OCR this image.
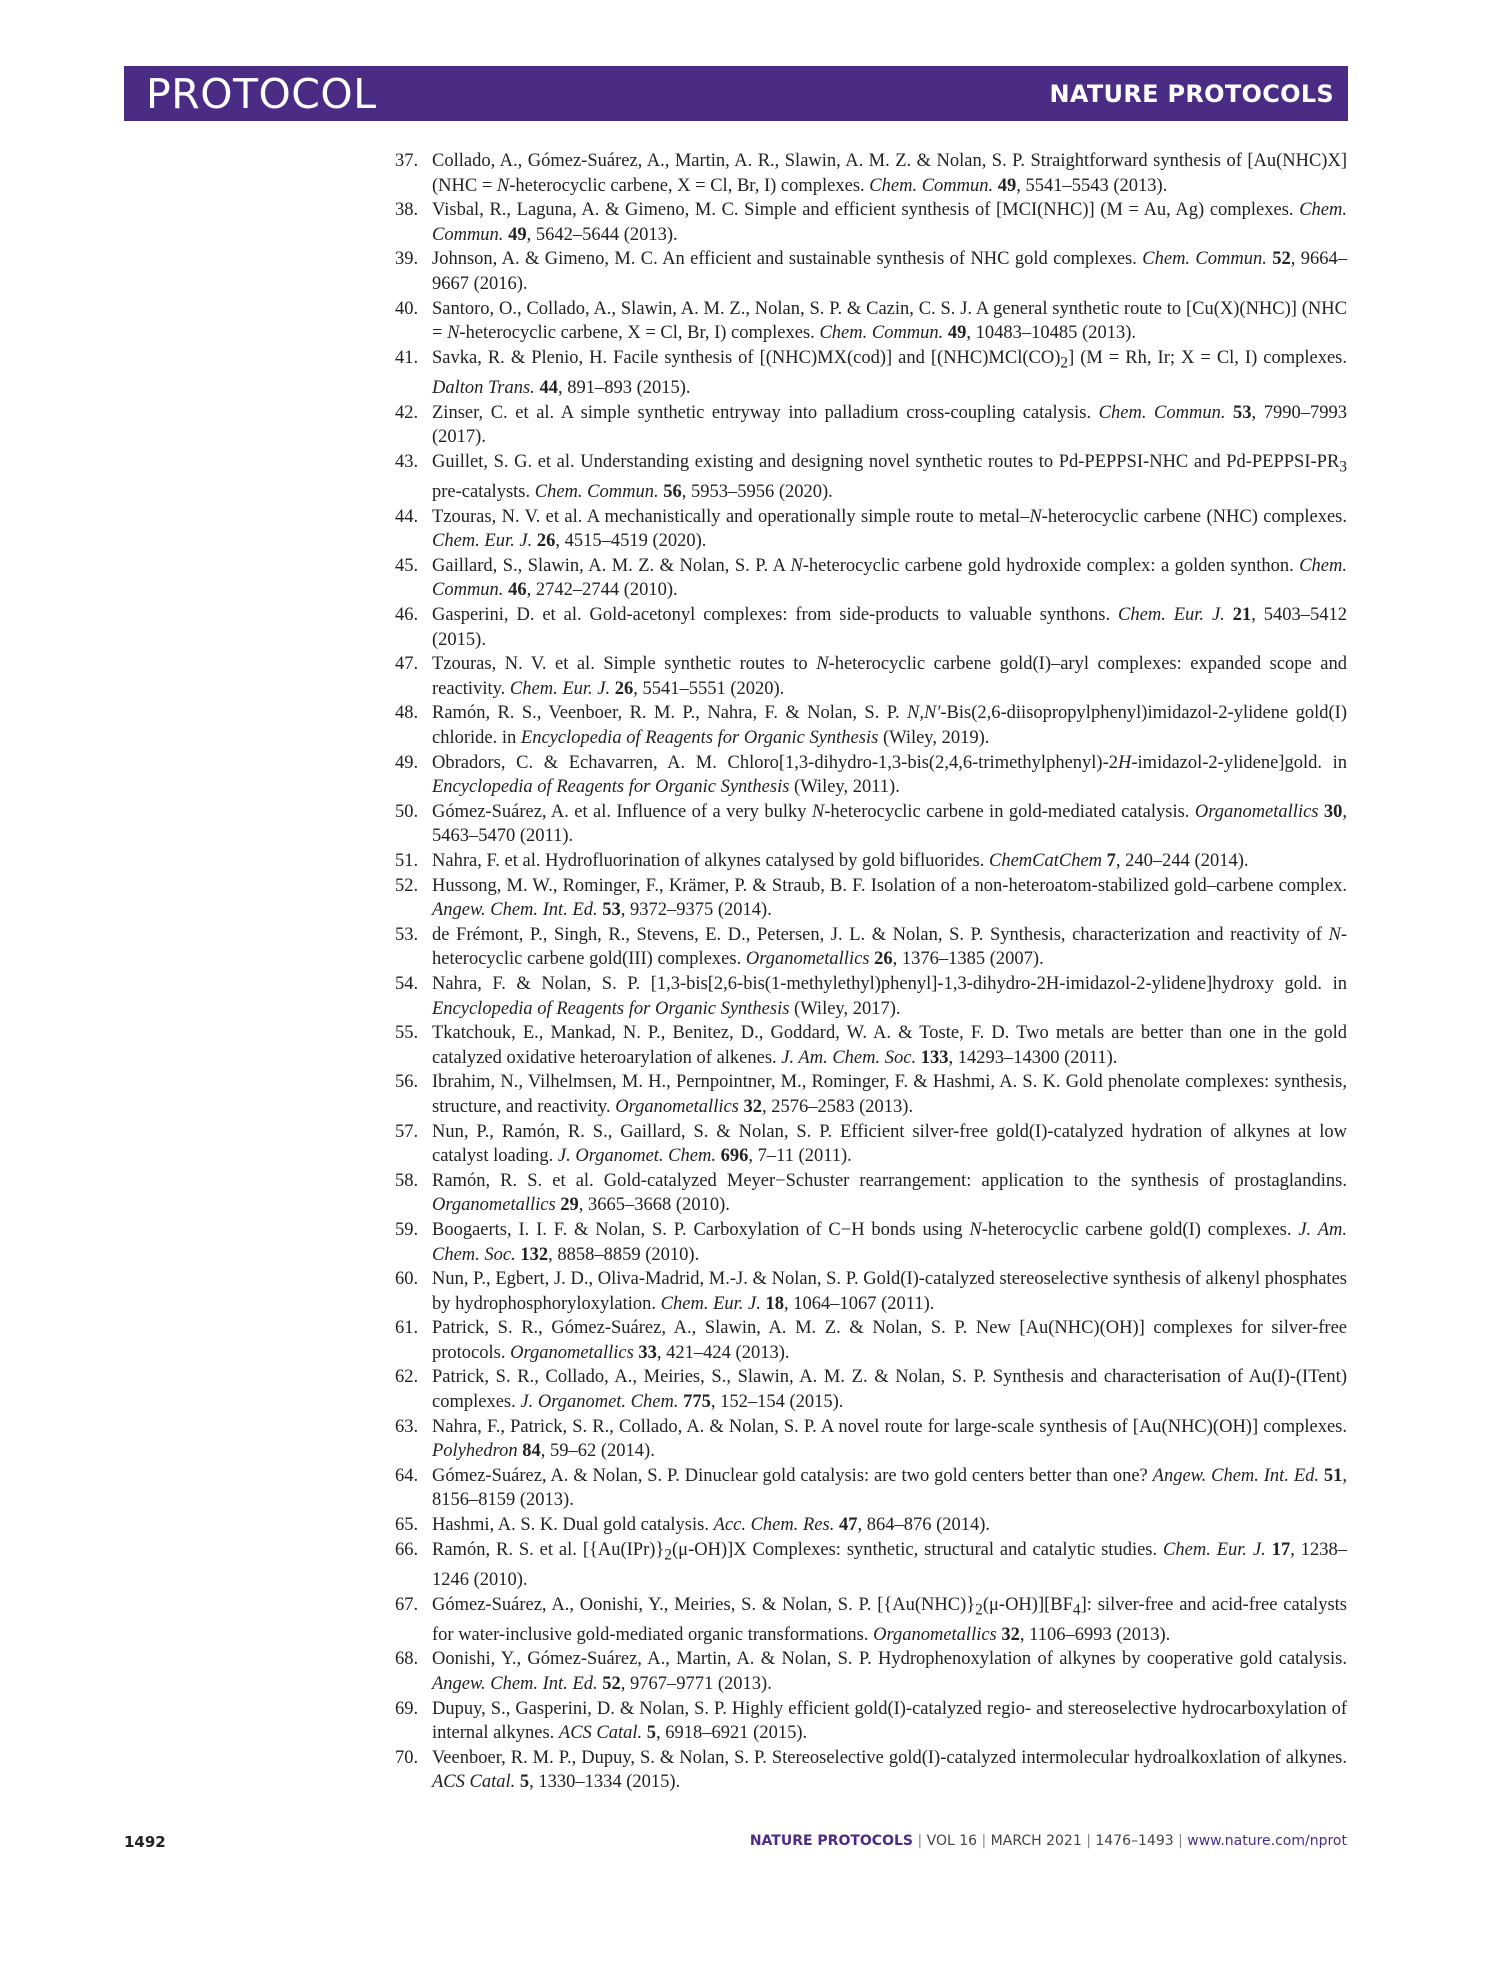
PROTOCOL	NATURE PROTOCOLS
37. Collado, A., Gómez-Suárez, A., Martin, A. R., Slawin, A. M. Z. & Nolan, S. P. Straightforward synthesis of [Au(NHC)X] (NHC = N-heterocyclic carbene, X = Cl, Br, I) complexes. Chem. Commun. 49, 5541–5543 (2013).
38. Visbal, R., Laguna, A. & Gimeno, M. C. Simple and efficient synthesis of [MCI(NHC)] (M = Au, Ag) complexes. Chem. Commun. 49, 5642–5644 (2013).
39. Johnson, A. & Gimeno, M. C. An efficient and sustainable synthesis of NHC gold complexes. Chem. Commun. 52, 9664–9667 (2016).
40. Santoro, O., Collado, A., Slawin, A. M. Z., Nolan, S. P. & Cazin, C. S. J. A general synthetic route to [Cu(X)(NHC)] (NHC = N-heterocyclic carbene, X = Cl, Br, I) complexes. Chem. Commun. 49, 10483–10485 (2013).
41. Savka, R. & Plenio, H. Facile synthesis of [(NHC)MX(cod)] and $[(NHC)MCl(CO)_2] (M = Rh$, Ir; X = Cl, I) complexes. Dalton Trans. 44, 891–893 (2015).
42. Zinser, C. et al. A simple synthetic entryway into palladium cross-coupling catalysis. Chem. Commun. 53, 7990–7993 (2017).
43. Guillet, S. G. et al. Understanding existing and designing novel synthetic routes to Pd-PEPPSI-NHC and $Pd-PEPPSI-PR_3$ pre-catalysts. Chem. Commun. 56, 5953–5956 (2020).
44. Tzouras, N. V. et al. A mechanistically and operationally simple route to metal–N-heterocyclic carbene (NHC) complexes. Chem. Eur. J. 26, 4515–4519 (2020).
45. Gaillard, S., Slawin, A. M. Z. & Nolan, S. P. A N-heterocyclic carbene gold hydroxide complex: a golden synthon. Chem. Commun. 46, 2742–2744 (2010).
46. Gasperini, D. et al. Gold-acetonyl complexes: from side-products to valuable synthons. Chem. Eur. J. 21, 5403–5412 (2015).
47. Tzouras, N. V. et al. Simple synthetic routes to N-heterocyclic carbene gold(I)–aryl complexes: expanded scope and reactivity. Chem. Eur. J. 26, 5541–5551 (2020).
48. Ramón, R. S., Veenboer, R. M. P., Nahra, F. & Nolan, S. P. N,N′-Bis(2,6-diisopropylphenyl)imidazol-2-ylidene gold(I) chloride. in Encyclopedia of Reagents for Organic Synthesis (Wiley, 2019).
49. Obradors, C. & Echavarren, A. M. Chloro[1,3-dihydro-1,3-bis(2,4,6-trimethylphenyl)-2H-imidazol-2-ylidene]gold. in Encyclopedia of Reagents for Organic Synthesis (Wiley, 2011).
50. Gómez-Suárez, A. et al. Influence of a very bulky N-heterocyclic carbene in gold-mediated catalysis. Organometallics 30, 5463–5470 (2011).
51. Nahra, F. et al. Hydrofluorination of alkynes catalysed by gold bifluorides. ChemCatChem 7, 240–244 (2014).
52. Hussong, M. W., Rominger, F., Krämer, P. & Straub, B. F. Isolation of a non-heteroatom-stabilized gold–carbene complex. Angew. Chem. Int. Ed. 53, 9372–9375 (2014).
53. de Frémont, P., Singh, R., Stevens, E. D., Petersen, J. L. & Nolan, S. P. Synthesis, characterization and reactivity of N-heterocyclic carbene gold(III) complexes. Organometallics 26, 1376–1385 (2007).
54. Nahra, F. & Nolan, S. P. [1,3-bis[2,6-bis(1-methylethyl)phenyl]-1,3-dihydro-2H-imidazol-2-ylidene]hydroxy gold. in Encyclopedia of Reagents for Organic Synthesis (Wiley, 2017).
55. Tkatchouk, E., Mankad, N. P., Benitez, D., Goddard, W. A. & Toste, F. D. Two metals are better than one in the gold catalyzed oxidative heteroarylation of alkenes. J. Am. Chem. Soc. 133, 14293–14300 (2011).
56. Ibrahim, N., Vilhelmsen, M. H., Pernpointner, M., Rominger, F. & Hashmi, A. S. K. Gold phenolate complexes: synthesis, structure, and reactivity. Organometallics 32, 2576–2583 (2013).
57. Nun, P., Ramón, R. S., Gaillard, S. & Nolan, S. P. Efficient silver-free gold(I)-catalyzed hydration of alkynes at low catalyst loading. J. Organomet. Chem. 696, 7–11 (2011).
58. Ramón, R. S. et al. Gold-catalyzed Meyer−Schuster rearrangement: application to the synthesis of prostaglandins. Organometallics 29, 3665–3668 (2010).
59. Boogaerts, I. I. F. & Nolan, S. P. Carboxylation of C−H bonds using N-heterocyclic carbene gold(I) complexes. J. Am. Chem. Soc. 132, 8858–8859 (2010).
60. Nun, P., Egbert, J. D., Oliva-Madrid, M.-J. & Nolan, S. P. Gold(I)-catalyzed stereoselective synthesis of alkenyl phosphates by hydrophosphoryloxylation. Chem. Eur. J. 18, 1064–1067 (2011).
61. Patrick, S. R., Gómez-Suárez, A., Slawin, A. M. Z. & Nolan, S. P. New [Au(NHC)(OH)] complexes for silver-free protocols. Organometallics 33, 421–424 (2013).
62. Patrick, S. R., Collado, A., Meiries, S., Slawin, A. M. Z. & Nolan, S. P. Synthesis and characterisation of Au(I)-(ITent) complexes. J. Organomet. Chem. 775, 152–154 (2015).
63. Nahra, F., Patrick, S. R., Collado, A. & Nolan, S. P. A novel route for large-scale synthesis of [Au(NHC)(OH)] complexes. Polyhedron 84, 59–62 (2014).
64. Gómez-Suárez, A. & Nolan, S. P. Dinuclear gold catalysis: are two gold centers better than one? Angew. Chem. Int. Ed. 51, 8156–8159 (2013).
65. Hashmi, A. S. K. Dual gold catalysis. Acc. Chem. Res. 47, 864–876 (2014).
66. Ramón, R. S. et al. $[\{Au(IPr)\}_2(\mu-OH)]X$ Complexes: synthetic, structural and catalytic studies. Chem. Eur. J. 17, 1238–1246 (2010).
67. Gómez-Suárez, A., Oonishi, Y., Meiries, S. & Nolan, S. P. $[\{Au(NHC)\}_2(\mu-OH)][BF_4]$: silver-free and acid-free catalysts for water-inclusive gold-mediated organic transformations. Organometallics 32, 1106–6993 (2013).
68. Oonishi, Y., Gómez-Suárez, A., Martin, A. & Nolan, S. P. Hydrophenoxylation of alkynes by cooperative gold catalysis. Angew. Chem. Int. Ed. 52, 9767–9771 (2013).
69. Dupuy, S., Gasperini, D. & Nolan, S. P. Highly efficient gold(I)-catalyzed regio- and stereoselective hydrocarboxylation of internal alkynes. ACS Catal. 5, 6918–6921 (2015).
70. Veenboer, R. M. P., Dupuy, S. & Nolan, S. P. Stereoselective gold(I)-catalyzed intermolecular hydroalkoxlation of alkynes. ACS Catal. 5, 1330–1334 (2015).
1492	NATURE PROTOCOLS | VOL 16 | MARCH 2021 | 1476–1493 | www.nature.com/nprot
